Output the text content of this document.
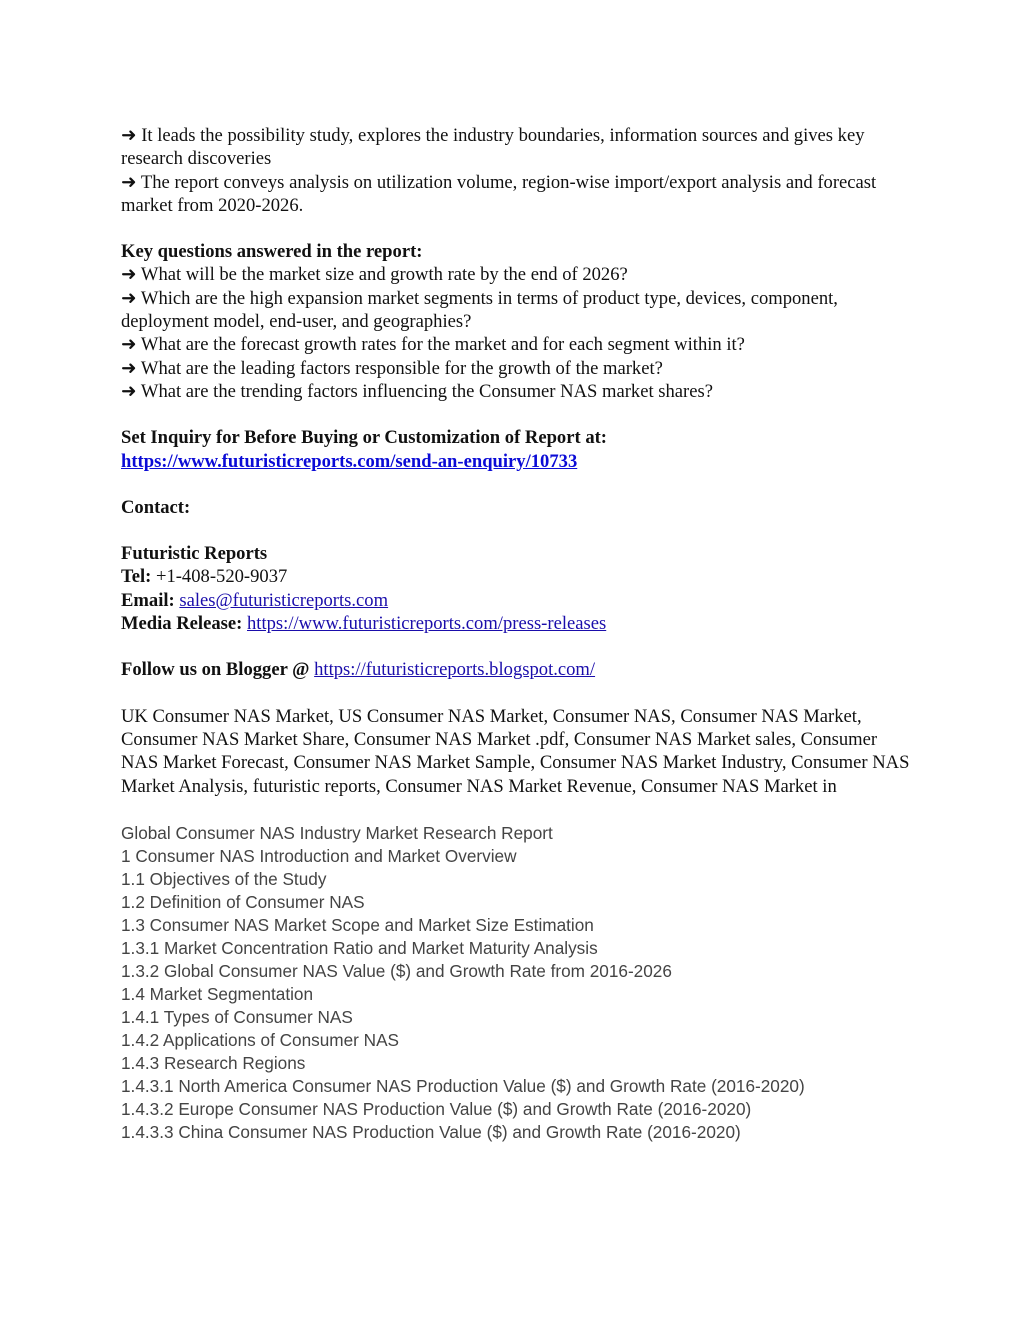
➜ It leads the possibility study, explores the industry boundaries, information sources and gives key research discoveries

➜ The report conveys analysis on utilization volume, region-wise import/export analysis and forecast market from 2020-2026.

Key questions answered in the report:

➜ What will be the market size and growth rate by the end of 2026?

➜ Which are the high expansion market segments in terms of product type, devices, component, deployment model, end-user, and geographies?

➜ What are the forecast growth rates for the market and for each segment within it?

➜ What are the leading factors responsible for the growth of the market?

➜ What are the trending factors influencing the Consumer NAS market shares?

Set Inquiry for Before Buying or Customization of Report at:

https://www.futuristicreports.com/send-an-enquiry/10733

Contact:

Futuristic Reports

Tel: +1-408-520-9037

Email: sales@futuristicreports.com

Media Release: https://www.futuristicreports.com/press-releases

Follow us on Blogger @ https://futuristicreports.blogspot.com/

UK Consumer NAS Market, US Consumer NAS Market, Consumer NAS, Consumer NAS Market, Consumer NAS Market Share, Consumer NAS Market .pdf, Consumer NAS Market sales, Consumer NAS Market Forecast, Consumer NAS Market Sample, Consumer NAS Market Industry, Consumer NAS Market Analysis, futuristic reports, Consumer NAS Market Revenue, Consumer NAS Market in

Global Consumer NAS Industry Market Research Report
1 Consumer NAS Introduction and Market Overview
1.1 Objectives of the Study
1.2 Definition of Consumer NAS
1.3 Consumer NAS Market Scope and Market Size Estimation
1.3.1 Market Concentration Ratio and Market Maturity Analysis
1.3.2 Global Consumer NAS Value ($) and Growth Rate from 2016-2026
1.4 Market Segmentation
1.4.1 Types of Consumer NAS
1.4.2 Applications of Consumer NAS
1.4.3 Research Regions
1.4.3.1 North America Consumer NAS Production Value ($) and Growth Rate (2016-2020)
1.4.3.2 Europe Consumer NAS Production Value ($) and Growth Rate (2016-2020)
1.4.3.3 China Consumer NAS Production Value ($) and Growth Rate (2016-2020)
